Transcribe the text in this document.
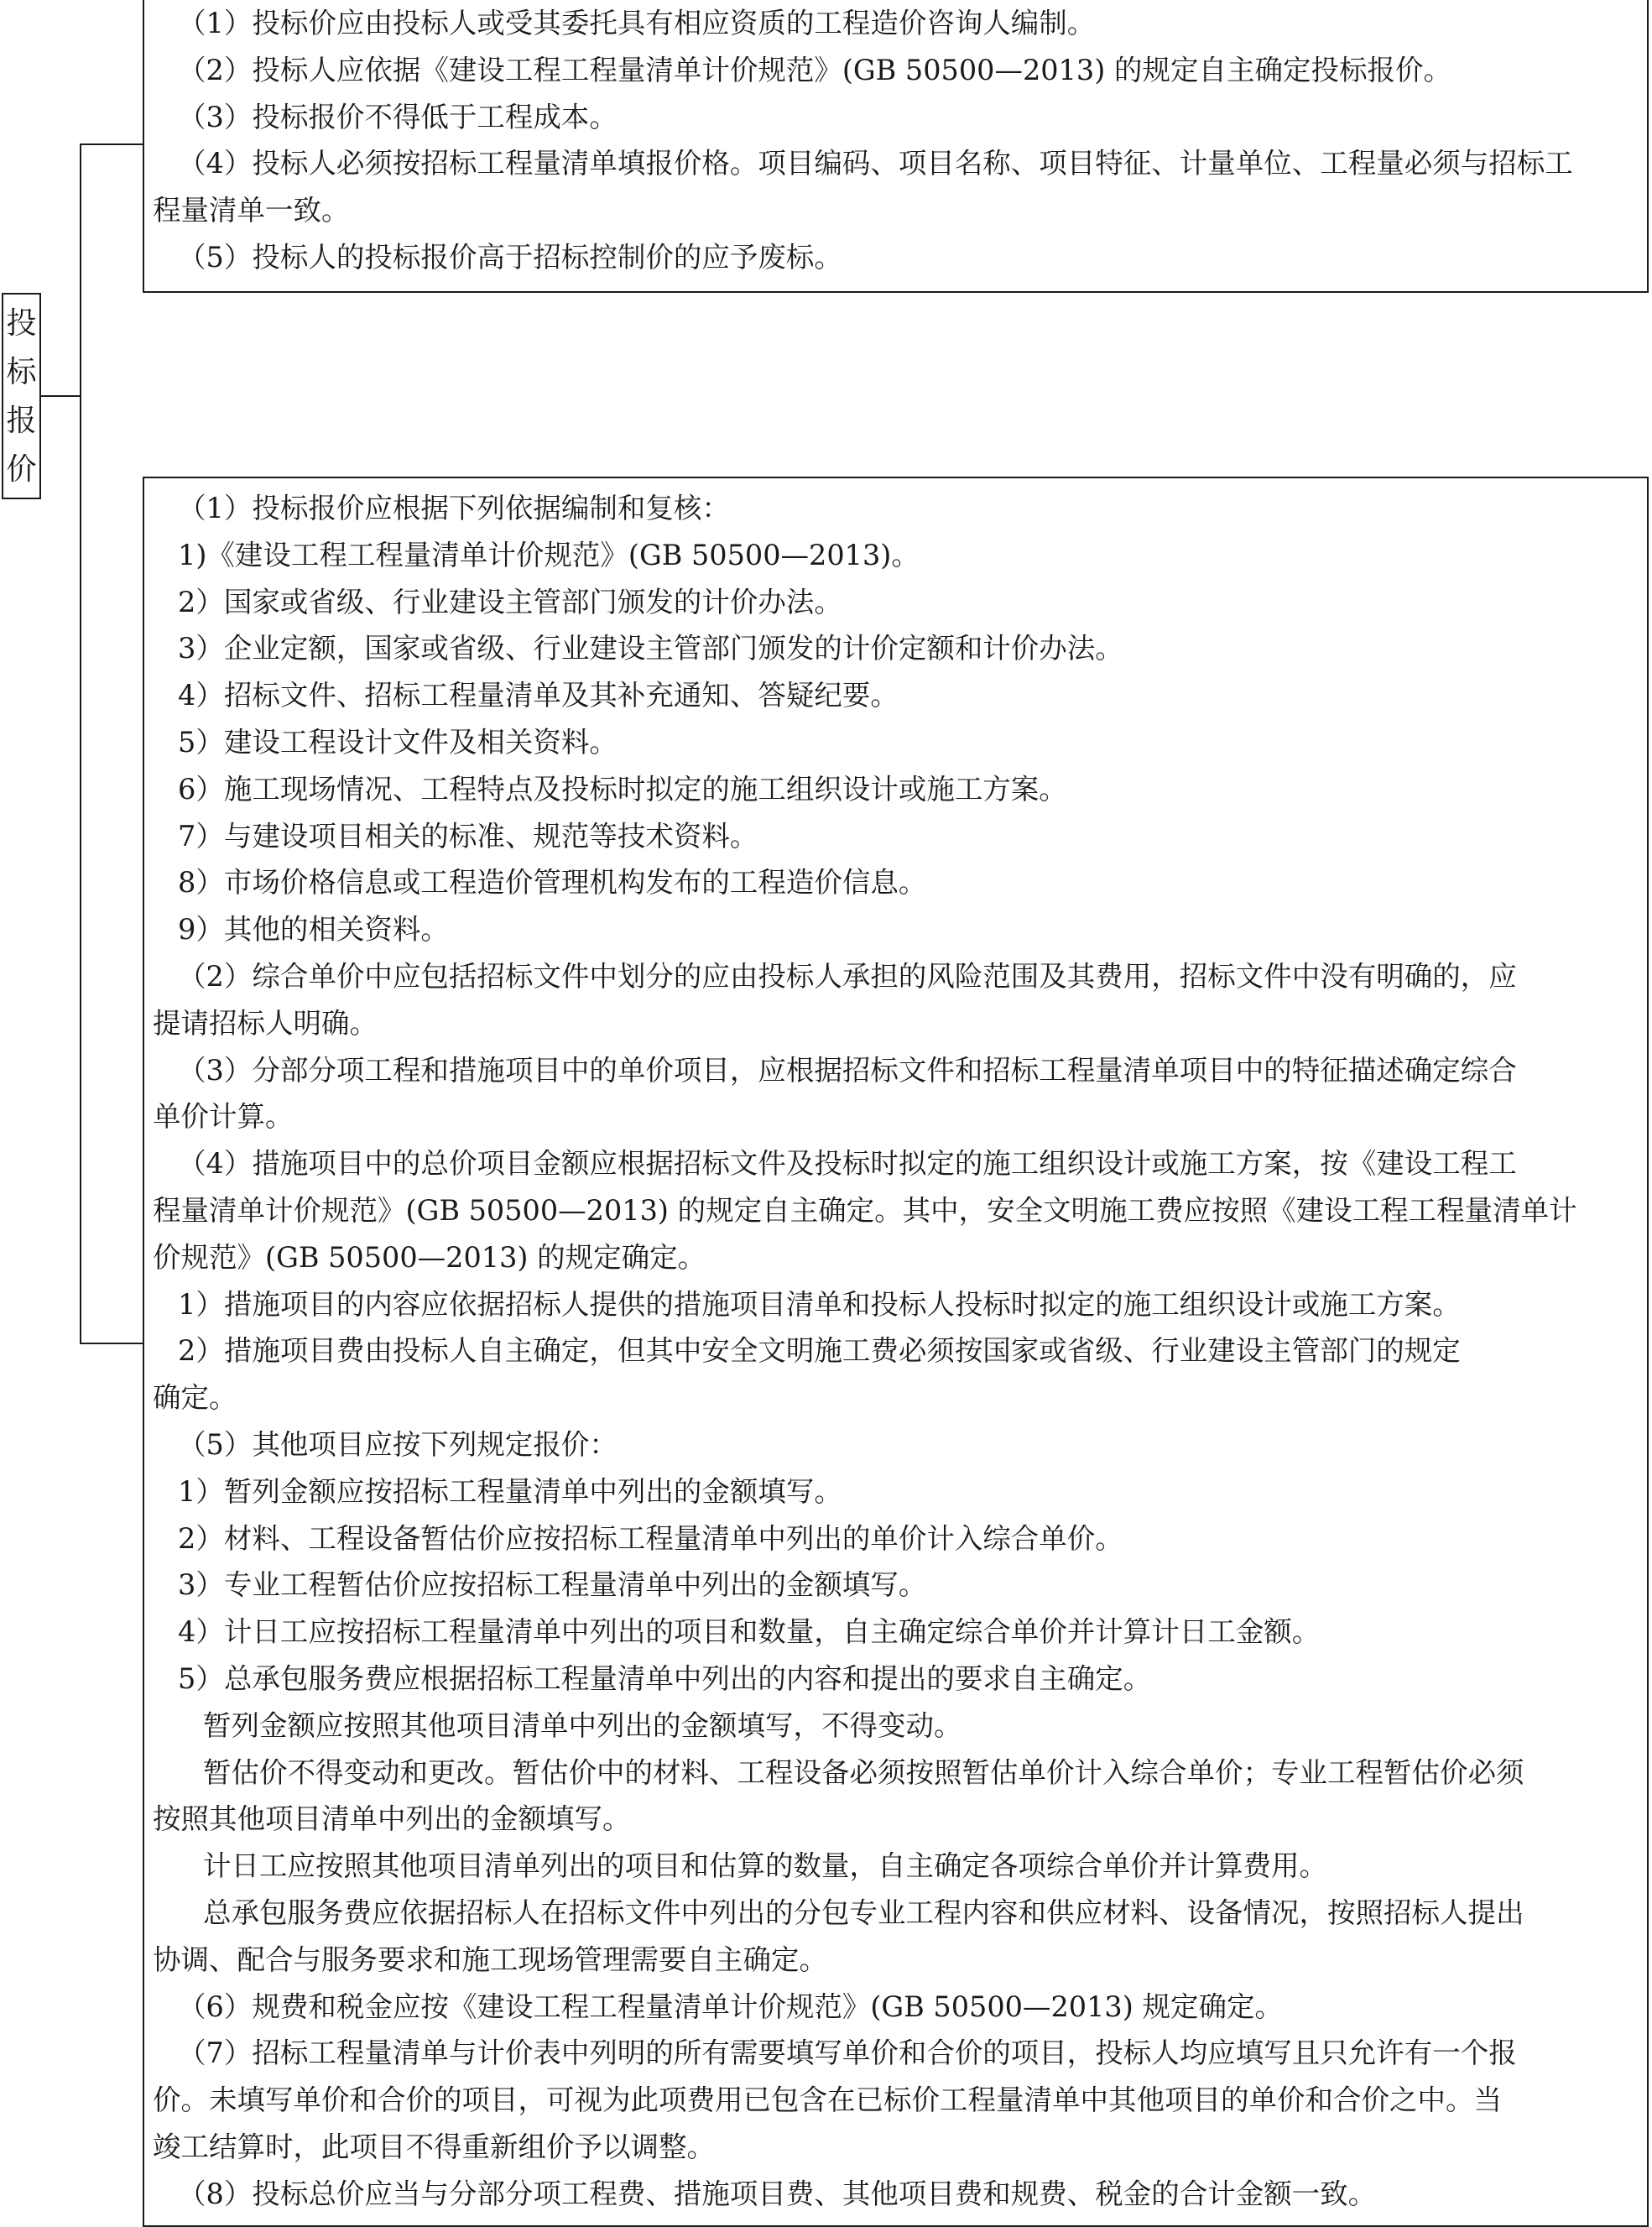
投
标
报
价
（1）投标价应由投标人或受其委托具有相应资质的工程造价咨询人编制。
（2）投标人应依据《建设工程工程量清单计价规范》(GB 50500—2013) 的规定自主确定投标报价。
（3）投标报价不得低于工程成本。
（4）投标人必须按招标工程量清单填报价格。项目编码、项目名称、项目特征、计量单位、工程量必须与招标工
程量清单一致。
（5）投标人的投标报价高于招标控制价的应予废标。
（1）投标报价应根据下列依据编制和复核：
1)《建设工程工程量清单计价规范》(GB 50500—2013)。
2）国家或省级、行业建设主管部门颁发的计价办法。
3）企业定额，国家或省级、行业建设主管部门颁发的计价定额和计价办法。
4）招标文件、招标工程量清单及其补充通知、答疑纪要。
5）建设工程设计文件及相关资料。
6）施工现场情况、工程特点及投标时拟定的施工组织设计或施工方案。
7）与建设项目相关的标准、规范等技术资料。
8）市场价格信息或工程造价管理机构发布的工程造价信息。
9）其他的相关资料。
（2）综合单价中应包括招标文件中划分的应由投标人承担的风险范围及其费用，招标文件中没有明确的，应
提请招标人明确。
（3）分部分项工程和措施项目中的单价项目，应根据招标文件和招标工程量清单项目中的特征描述确定综合
单价计算。
（4）措施项目中的总价项目金额应根据招标文件及投标时拟定的施工组织设计或施工方案，按《建设工程工
程量清单计价规范》(GB 50500—2013) 的规定自主确定。其中，安全文明施工费应按照《建设工程工程量清单计
价规范》(GB 50500—2013) 的规定确定。
1）措施项目的内容应依据招标人提供的措施项目清单和投标人投标时拟定的施工组织设计或施工方案。
2）措施项目费由投标人自主确定，但其中安全文明施工费必须按国家或省级、行业建设主管部门的规定
确定。
（5）其他项目应按下列规定报价：
1）暂列金额应按招标工程量清单中列出的金额填写。
2）材料、工程设备暂估价应按招标工程量清单中列出的单价计入综合单价。
3）专业工程暂估价应按招标工程量清单中列出的金额填写。
4）计日工应按招标工程量清单中列出的项目和数量，自主确定综合单价并计算计日工金额。
5）总承包服务费应根据招标工程量清单中列出的内容和提出的要求自主确定。
暂列金额应按照其他项目清单中列出的金额填写，不得变动。
暂估价不得变动和更改。暂估价中的材料、工程设备必须按照暂估单价计入综合单价；专业工程暂估价必须
按照其他项目清单中列出的金额填写。
计日工应按照其他项目清单列出的项目和估算的数量，自主确定各项综合单价并计算费用。
总承包服务费应依据招标人在招标文件中列出的分包专业工程内容和供应材料、设备情况，按照招标人提出
协调、配合与服务要求和施工现场管理需要自主确定。
（6）规费和税金应按《建设工程工程量清单计价规范》(GB 50500—2013) 规定确定。
（7）招标工程量清单与计价表中列明的所有需要填写单价和合价的项目，投标人均应填写且只允许有一个报
价。未填写单价和合价的项目，可视为此项费用已包含在已标价工程量清单中其他项目的单价和合价之中。当
竣工结算时，此项目不得重新组价予以调整。
（8）投标总价应当与分部分项工程费、措施项目费、其他项目费和规费、税金的合计金额一致。
